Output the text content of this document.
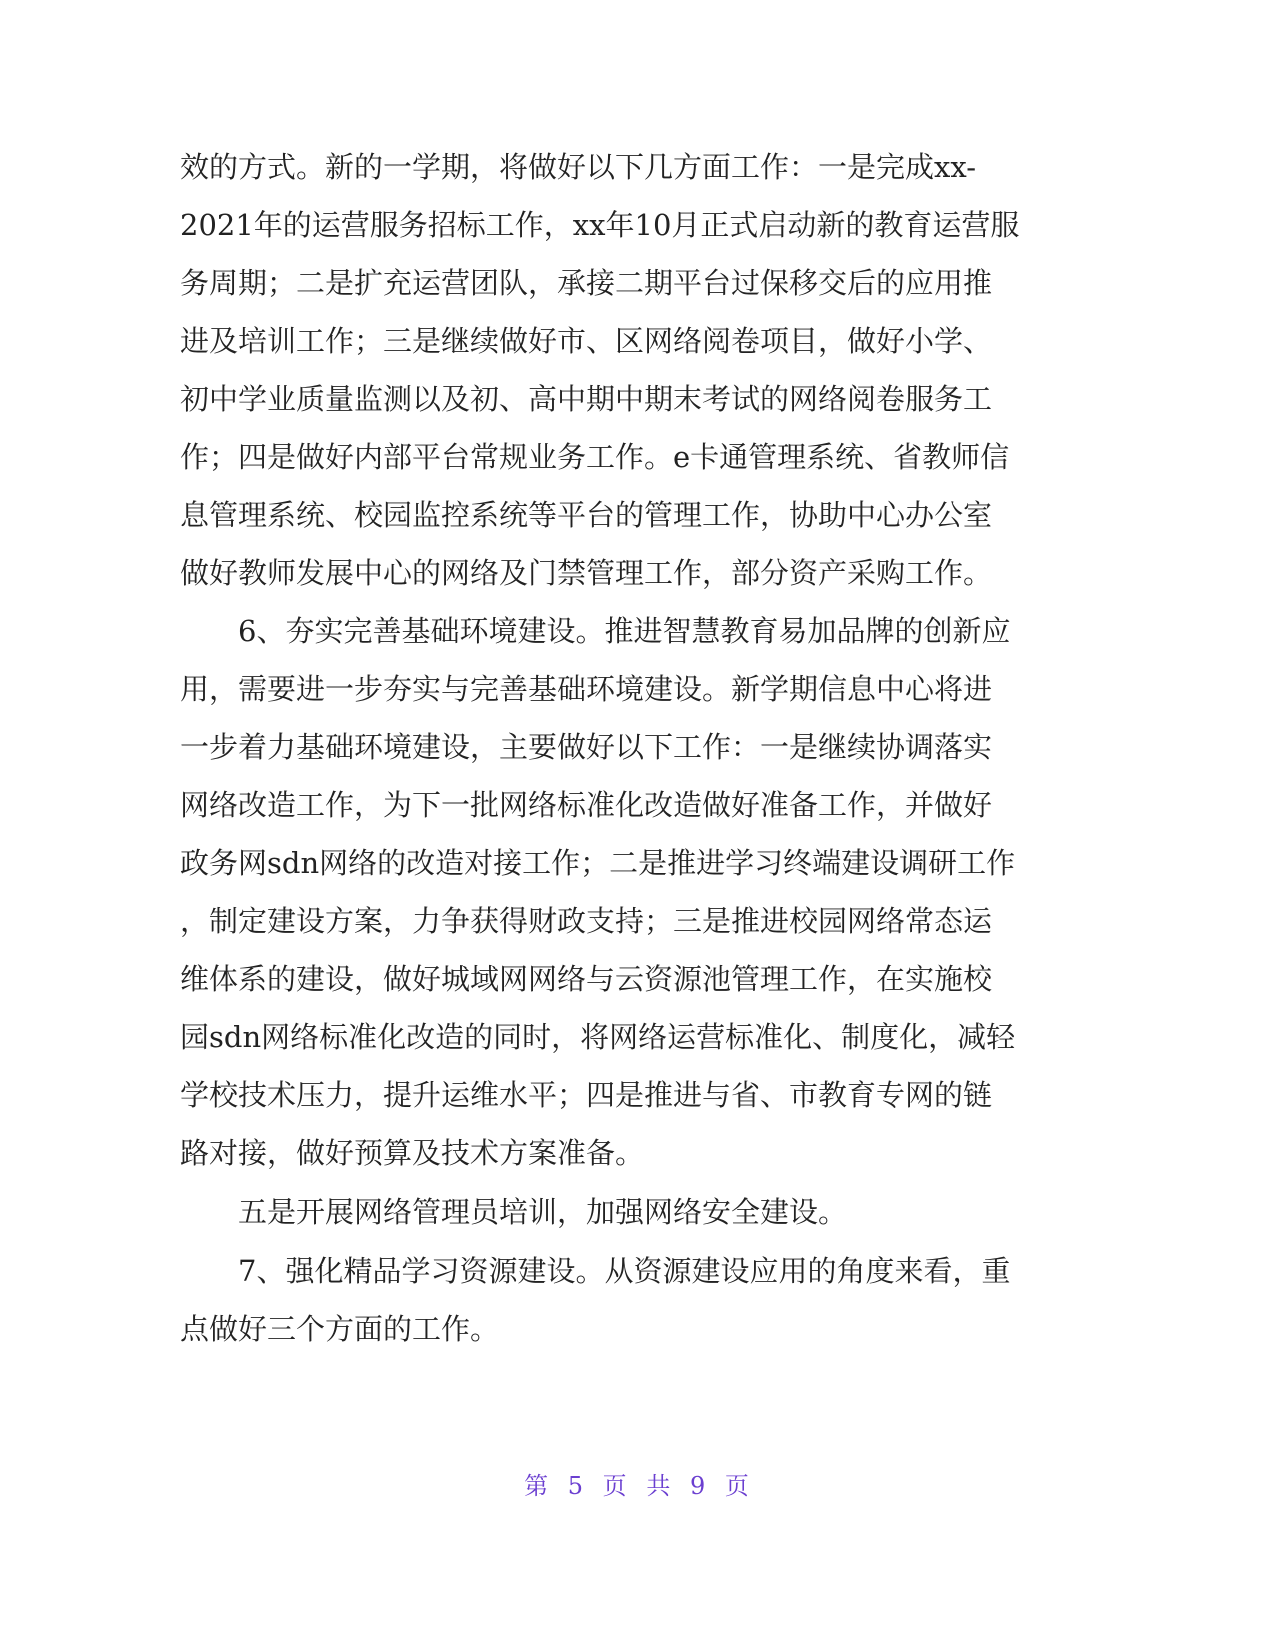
效的方式。新的一学期，将做好以下几方面工作：一是完成xx-
2021年的运营服务招标工作，xx年10月正式启动新的教育运营服
务周期；二是扩充运营团队，承接二期平台过保移交后的应用推
进及培训工作；三是继续做好市、区网络阅卷项目，做好小学、
初中学业质量监测以及初、高中期中期末考试的网络阅卷服务工
作；四是做好内部平台常规业务工作。e卡通管理系统、省教师信
息管理系统、校园监控系统等平台的管理工作，协助中心办公室
做好教师发展中心的网络及门禁管理工作，部分资产采购工作。
　　6、夯实完善基础环境建设。推进智慧教育易加品牌的创新应
用，需要进一步夯实与完善基础环境建设。新学期信息中心将进
一步着力基础环境建设，主要做好以下工作：一是继续协调落实
网络改造工作，为下一批网络标准化改造做好准备工作，并做好
政务网sdn网络的改造对接工作；二是推进学习终端建设调研工作
，制定建设方案，力争获得财政支持；三是推进校园网络常态运
维体系的建设，做好城域网网络与云资源池管理工作，在实施校
园sdn网络标准化改造的同时，将网络运营标准化、制度化，减轻
学校技术压力，提升运维水平；四是推进与省、市教育专网的链
路对接，做好预算及技术方案准备。
　　五是开展网络管理员培训，加强网络安全建设。
　　7、强化精品学习资源建设。从资源建设应用的角度来看，重
点做好三个方面的工作。
第 5 页 共 9 页
